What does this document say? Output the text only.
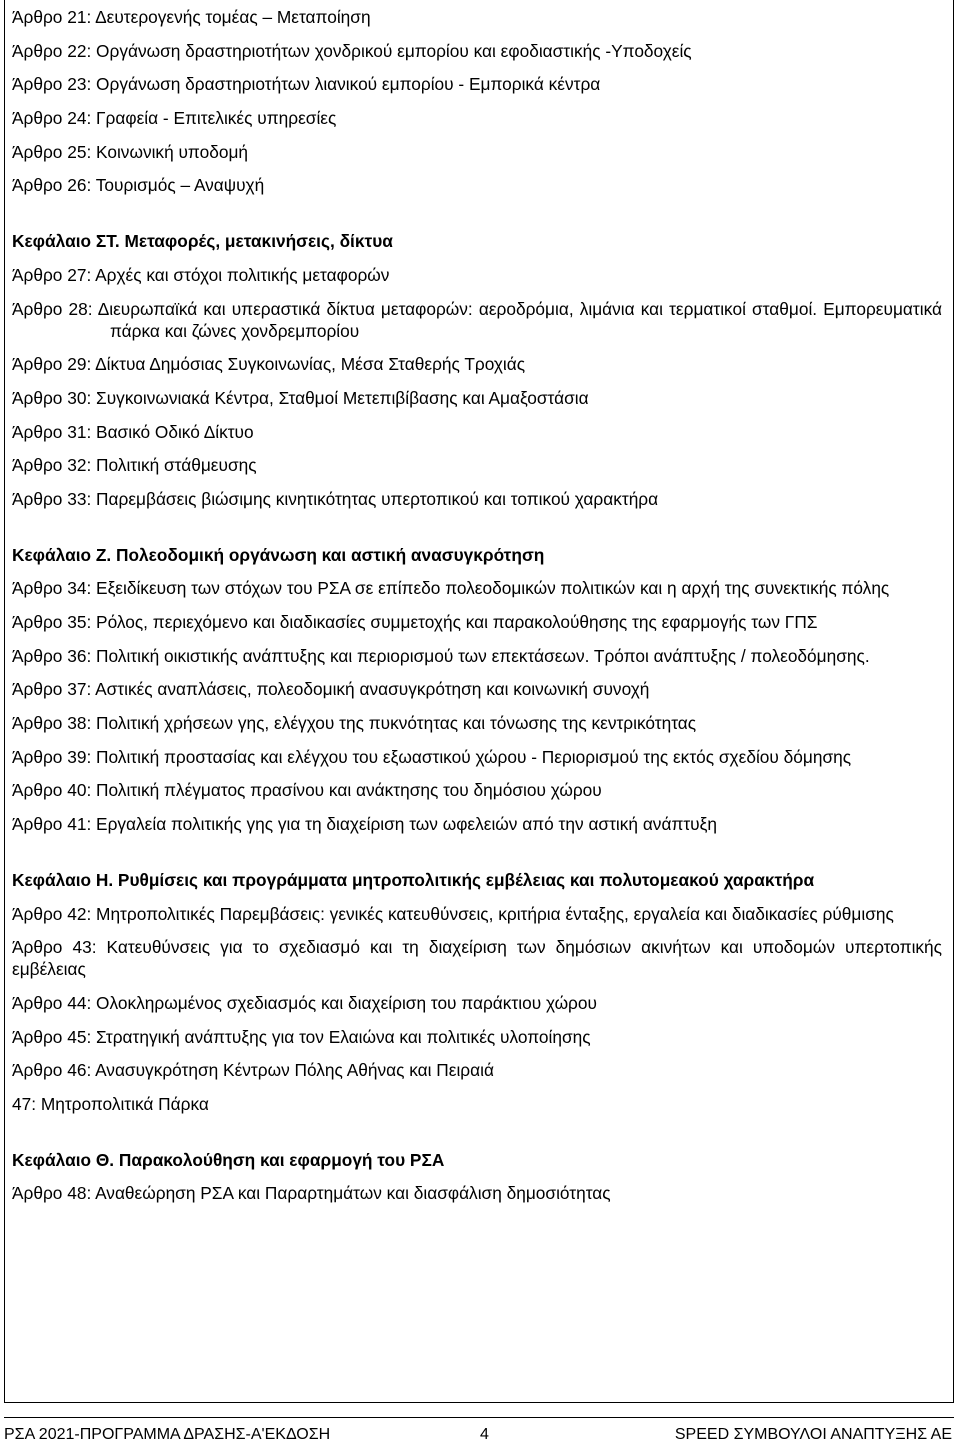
Άρθρο 21: Δευτερογενής τομέας – Μεταποίηση
Άρθρο 22: Οργάνωση δραστηριοτήτων χονδρικού εμπορίου και εφοδιαστικής -Υποδοχείς
Άρθρο 23: Οργάνωση δραστηριοτήτων λιανικού εμπορίου - Εμπορικά κέντρα
Άρθρο 24: Γραφεία - Επιτελικές υπηρεσίες
Άρθρο 25: Κοινωνική υποδομή
Άρθρο 26: Τουρισμός – Αναψυχή
Κεφάλαιο ΣΤ. Μεταφορές, μετακινήσεις, δίκτυα
Άρθρο 27: Αρχές και στόχοι πολιτικής μεταφορών
Άρθρο 28: Διευρωπαϊκά και υπεραστικά δίκτυα μεταφορών: αεροδρόμια, λιμάνια και τερματικοί σταθμοί. Εμπορευματικά πάρκα και ζώνες χονδρεμπορίου
Άρθρο 29: Δίκτυα Δημόσιας Συγκοινωνίας, Μέσα Σταθερής Τροχιάς
Άρθρο 30: Συγκοινωνιακά Κέντρα, Σταθμοί Μετεπιβίβασης και Αμαξοστάσια
Άρθρο 31: Βασικό Οδικό Δίκτυο
Άρθρο 32: Πολιτική στάθμευσης
Άρθρο 33: Παρεμβάσεις βιώσιμης κινητικότητας υπερτοπικού και τοπικού χαρακτήρα
Κεφάλαιο Ζ. Πολεοδομική οργάνωση και αστική ανασυγκρότηση
Άρθρο 34: Εξειδίκευση των στόχων του ΡΣΑ σε επίπεδο πολεοδομικών πολιτικών και η αρχή της συνεκτικής πόλης
Άρθρο 35: Ρόλος, περιεχόμενο και διαδικασίες συμμετοχής και παρακολούθησης της εφαρμογής των ΓΠΣ
Άρθρο 36: Πολιτική οικιστικής ανάπτυξης και περιορισμού των επεκτάσεων. Τρόποι ανάπτυξης / πολεοδόμησης.
Άρθρο 37: Αστικές αναπλάσεις, πολεοδομική ανασυγκρότηση και κοινωνική συνοχή
Άρθρο 38: Πολιτική χρήσεων γης, ελέγχου της πυκνότητας και τόνωσης της κεντρικότητας
Άρθρο 39: Πολιτική προστασίας και ελέγχου του εξωαστικού χώρου - Περιορισμού της εκτός σχεδίου δόμησης
Άρθρο 40: Πολιτική πλέγματος πρασίνου και ανάκτησης του δημόσιου χώρου
Άρθρο 41: Εργαλεία πολιτικής γης για τη διαχείριση των ωφελειών από την αστική ανάπτυξη
Κεφάλαιο Η. Ρυθμίσεις και προγράμματα μητροπολιτικής εμβέλειας και πολυτομεακού χαρακτήρα
Άρθρο 42: Μητροπολιτικές Παρεμβάσεις: γενικές κατευθύνσεις, κριτήρια ένταξης, εργαλεία και διαδικασίες ρύθμισης
Άρθρο 43: Κατευθύνσεις για το σχεδιασμό και τη διαχείριση των δημόσιων ακινήτων και υποδομών υπερτοπικής εμβέλειας
Άρθρο 44: Ολοκληρωμένος σχεδιασμός και διαχείριση του παράκτιου χώρου
Άρθρο 45: Στρατηγική ανάπτυξης για τον Ελαιώνα και πολιτικές υλοποίησης
Άρθρο 46: Ανασυγκρότηση Κέντρων Πόλης Αθήνας και Πειραιά
47: Μητροπολιτικά Πάρκα
Κεφάλαιο Θ. Παρακολούθηση και εφαρμογή του ΡΣΑ
Άρθρο 48: Αναθεώρηση ΡΣΑ και Παραρτημάτων και διασφάλιση δημοσιότητας
ΡΣΑ 2021-ΠΡΟΓΡΑΜΜΑ ΔΡΑΣΗΣ-Α'ΕΚΔΟΣΗ	4	SPEED ΣΥΜΒΟΥΛΟΙ ΑΝΑΠΤΥΞΗΣ ΑΕ
